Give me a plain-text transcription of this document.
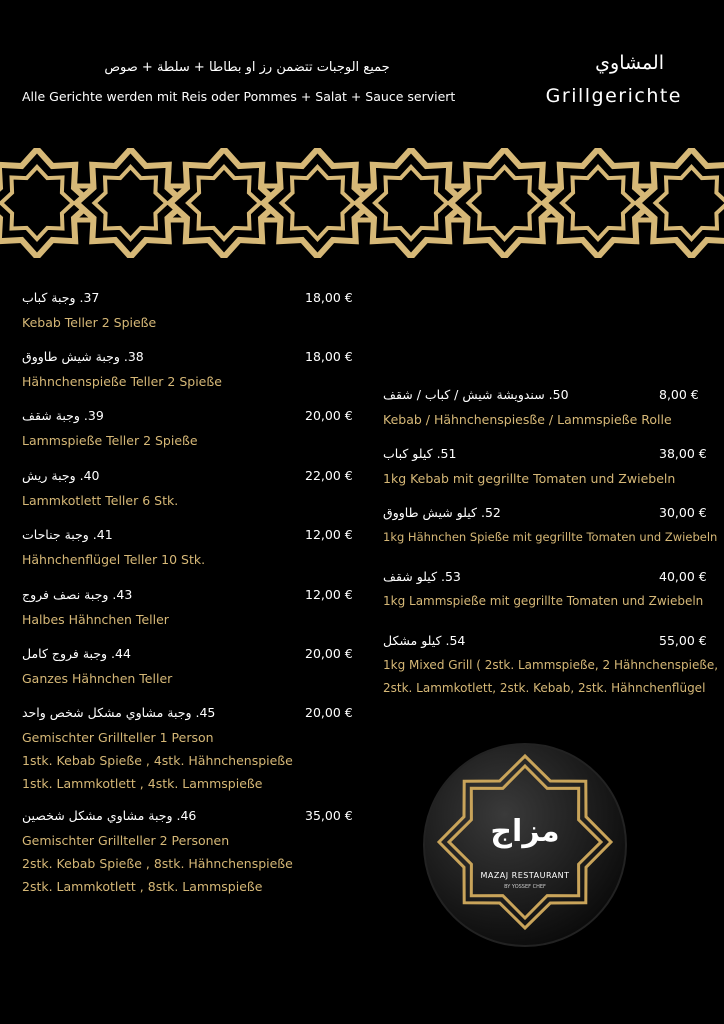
المشاوي
Grillgerichte
جميع الوجبات تتضمن رز او بطاطا + سلطة + صوص
Alle Gerichte werden mit Reis oder Pommes + Salat + Sauce serviert
37. وجبة كباب	18,00 €
Kebab Teller 2 Spieße
38. وجبة شيش طاووق	18,00 €
Hähnchenspieße Teller 2 Spieße
39. وجبة شقف	20,00 €
Lammspieße Teller 2 Spieße
40. وجبة ريش	22,00 €
Lammkotlett Teller 6 Stk.
41. وجبة جناحات	12,00 €
Hähnchenflügel Teller 10 Stk.
43. وجبة نصف فروج	12,00 €
Halbes Hähnchen Teller
44. وجبة فروج كامل	20,00 €
Ganzes Hähnchen Teller
45. وجبة مشاوي مشكل شخص واحد	20,00 €
Gemischter Grillteller 1 Person
1stk. Kebab Spieße , 4stk. Hähnchenspieße
1stk. Lammkotlett , 4stk. Lammspieße
46. وجبة مشاوي مشكل شخصين	35,00 €
Gemischter Grillteller 2 Personen
2stk. Kebab Spieße , 8stk. Hähnchenspieße
2stk. Lammkotlett , 8stk. Lammspieße
50. سندويشة شيش / كباب / شقف	8,00 €
Kebab / Hähnchenspiesße / Lammspieße Rolle
51. كيلو كباب	38,00 €
1kg Kebab mit gegrillte Tomaten und Zwiebeln
52. كيلو شيش طاووق	30,00 €
1kg Hähnchen Spieße mit gegrillte Tomaten und Zwiebeln
53. كيلو شقف	40,00 €
1kg Lammspieße mit gegrillte Tomaten und Zwiebeln
54. كيلو مشكل	55,00 €
1kg Mixed Grill ( 2stk. Lammspieße, 2 Hähnchenspieße,
2stk. Lammkotlett, 2stk. Kebab, 2stk. Hähnchenflügel
مزاج
MAZAJ RESTAURANT
BY YOSSEF CHEF
